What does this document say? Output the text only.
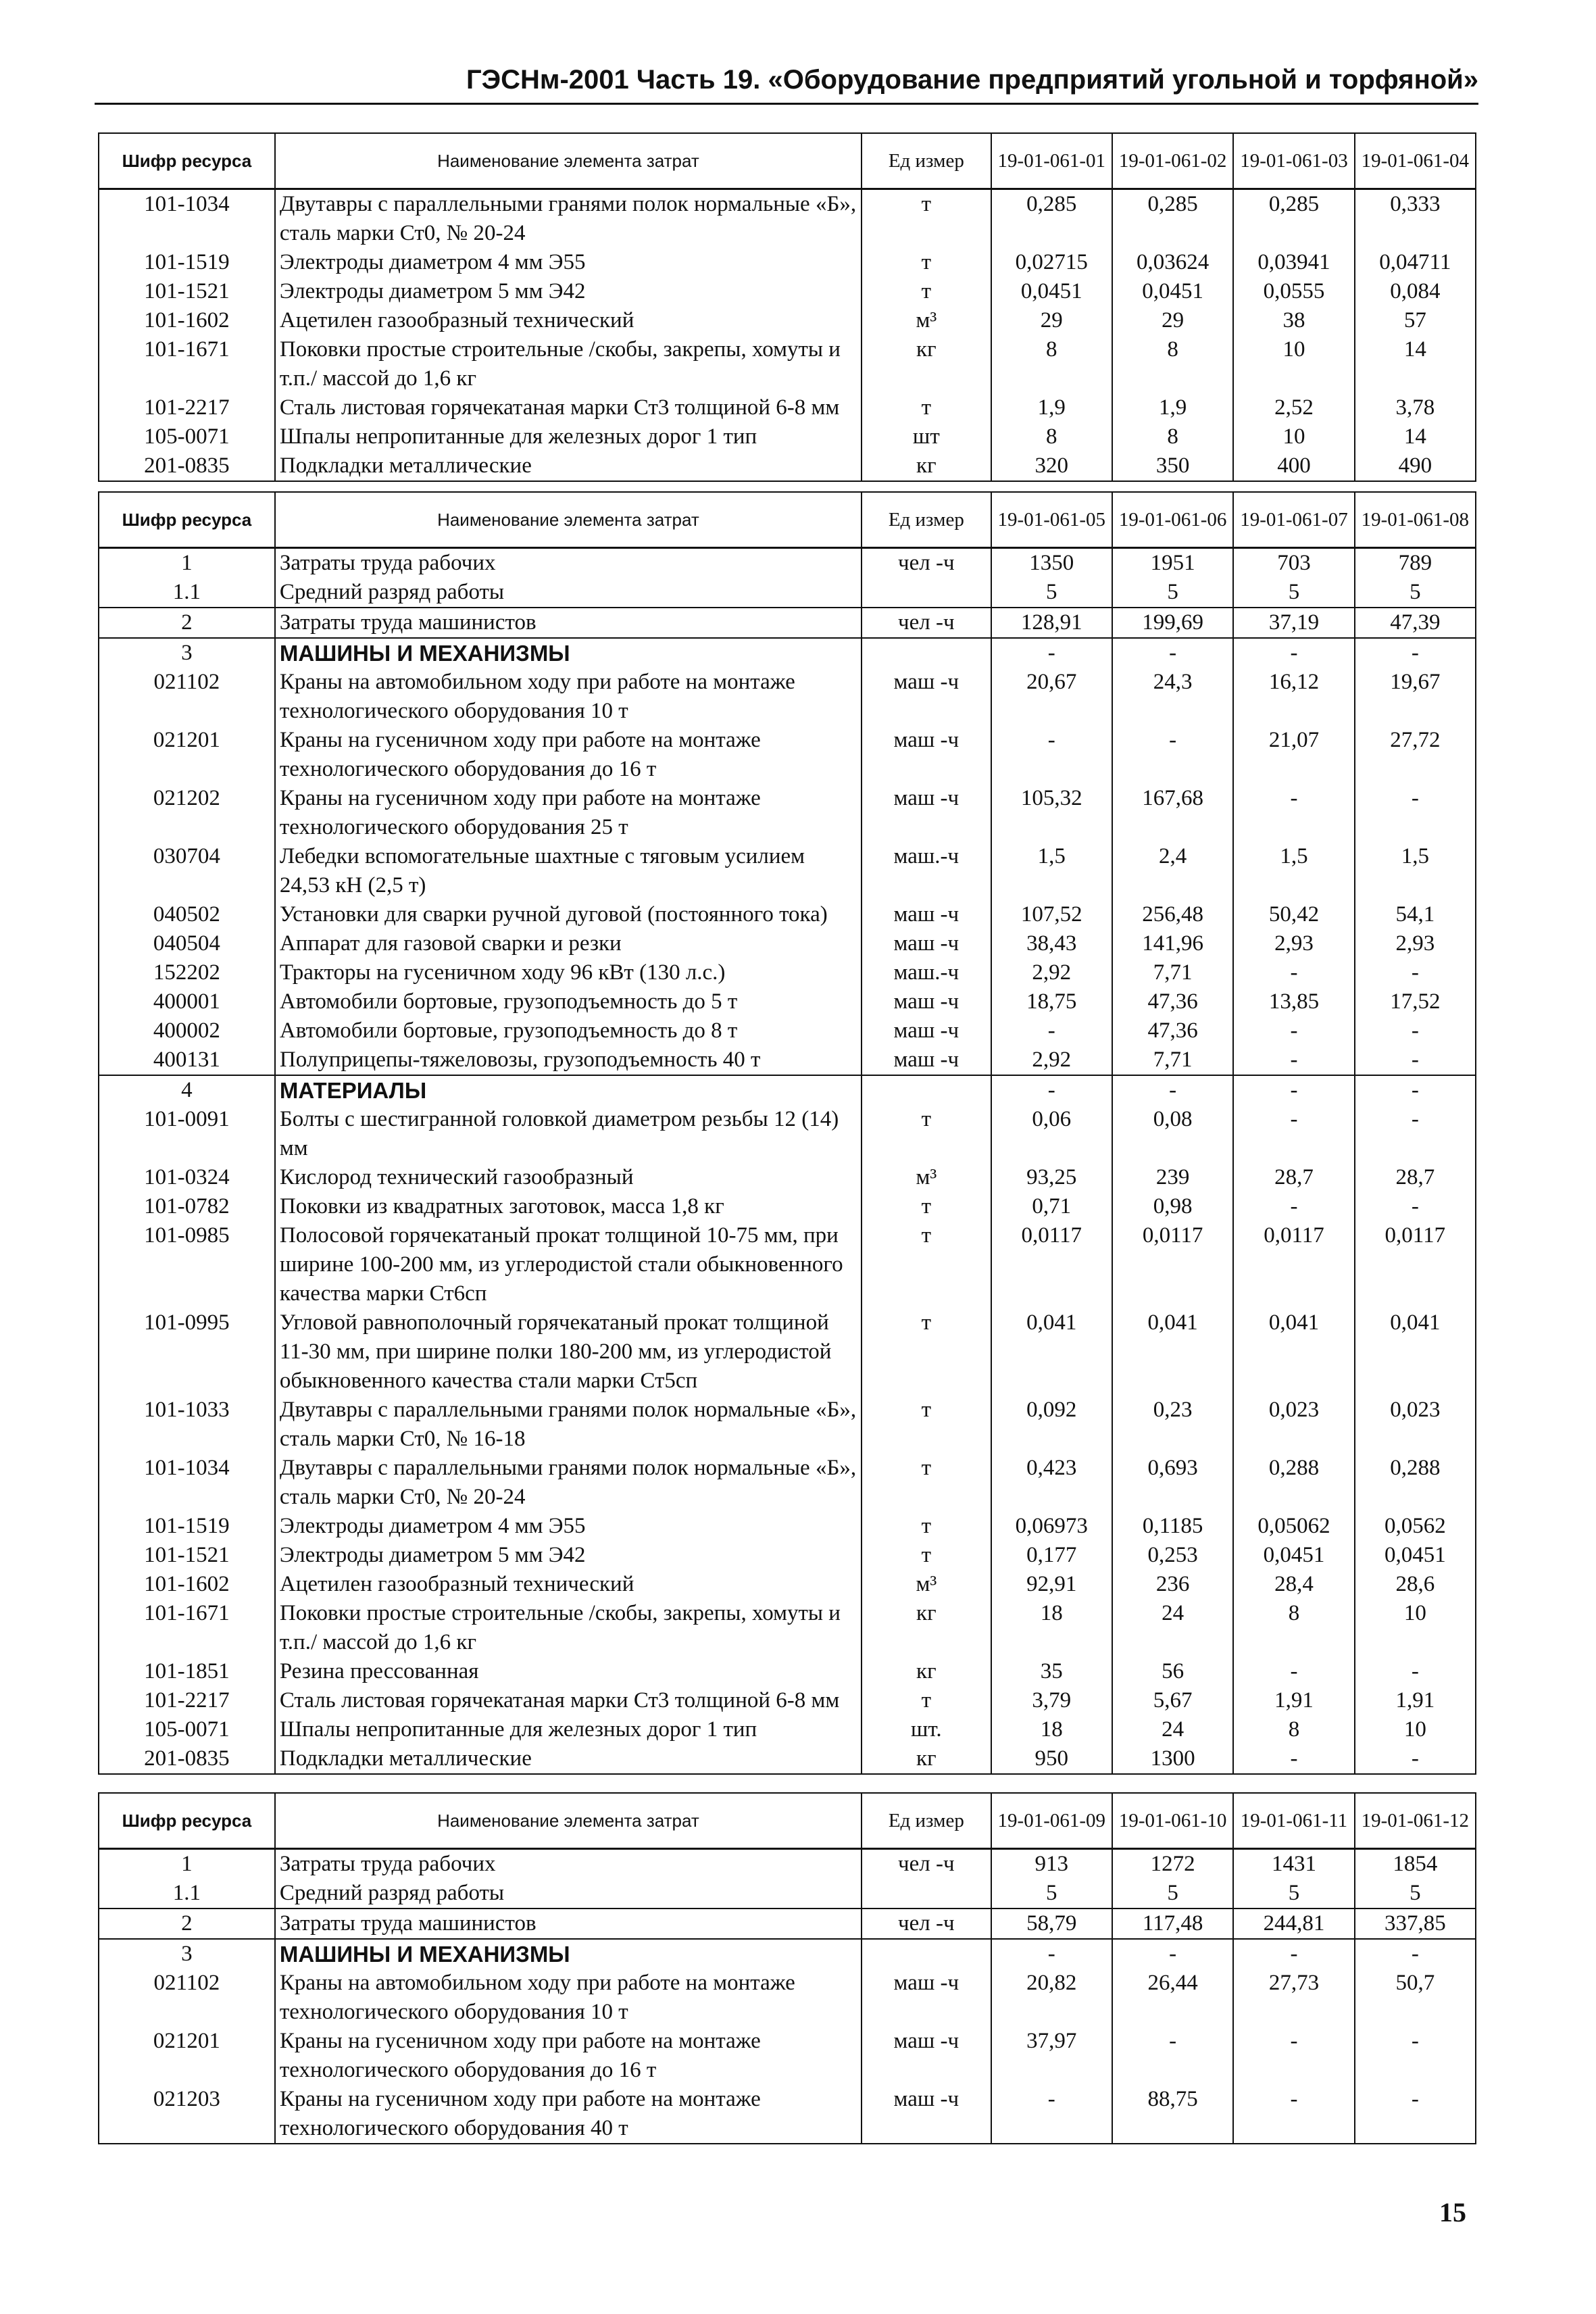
ГЭСНм-2001 Часть 19. «Оборудование предприятий угольной и торфяной»
Шифр ресурса	Наименование элемента затрат	Ед измер	19-01-061-01	19-01-061-02	19-01-061-03	19-01-061-04
101-1034	Двутавры с параллельными гранями полок нормальные «Б», сталь марки Ст0, № 20-24	т	0,285	0,285	0,285	0,333
101-1519	Электроды диаметром 4 мм Э55	т	0,02715	0,03624	0,03941	0,04711
101-1521	Электроды диаметром 5 мм Э42	т	0,0451	0,0451	0,0555	0,084
101-1602	Ацетилен газообразный технический	м³	29	29	38	57
101-1671	Поковки простые строительные /скобы, закрепы, хомуты и т.п./ массой до 1,6 кг	кг	8	8	10	14
101-2217	Сталь листовая горячекатаная марки Ст3 толщиной 6-8 мм	т	1,9	1,9	2,52	3,78
105-0071	Шпалы непропитанные для железных дорог 1 тип	шт	8	8	10	14
201-0835	Подкладки металлические	кг	320	350	400	490
Шифр ресурса	Наименование элемента затрат	Ед измер	19-01-061-05	19-01-061-06	19-01-061-07	19-01-061-08
1	Затраты труда рабочих	чел -ч	1350	1951	703	789
1.1	Средний разряд работы		5	5	5	5
2	Затраты труда машинистов	чел -ч	128,91	199,69	37,19	47,39
3	МАШИНЫ И МЕХАНИЗМЫ		-	-	-	-
021102	Краны на автомобильном ходу при работе на монтаже технологического оборудования 10 т	маш -ч	20,67	24,3	16,12	19,67
021201	Краны на гусеничном ходу при работе на монтаже технологического оборудования до 16 т	маш -ч	-	-	21,07	27,72
021202	Краны на гусеничном ходу при работе на монтаже технологического оборудования 25 т	маш -ч	105,32	167,68	-	-
030704	Лебедки вспомогательные шахтные с тяговым усилием 24,53 кН (2,5 т)	маш.-ч	1,5	2,4	1,5	1,5
040502	Установки для сварки ручной дуговой (постоянного тока)	маш -ч	107,52	256,48	50,42	54,1
040504	Аппарат для газовой сварки и резки	маш -ч	38,43	141,96	2,93	2,93
152202	Тракторы на гусеничном ходу 96 кВт (130 л.с.)	маш.-ч	2,92	7,71	-	-
400001	Автомобили бортовые, грузоподъемность до 5 т	маш -ч	18,75	47,36	13,85	17,52
400002	Автомобили бортовые, грузоподъемность до 8 т	маш -ч	-	47,36	-	-
400131	Полуприцепы-тяжеловозы, грузоподъемность 40 т	маш -ч	2,92	7,71	-	-
4	МАТЕРИАЛЫ		-	-	-	-
101-0091	Болты с шестигранной головкой диаметром резьбы 12 (14) мм	т	0,06	0,08	-	-
101-0324	Кислород технический газообразный	м³	93,25	239	28,7	28,7
101-0782	Поковки из квадратных заготовок, масса 1,8 кг	т	0,71	0,98	-	-
101-0985	Полосовой горячекатаный прокат толщиной 10-75 мм, при ширине 100-200 мм, из углеродистой стали обыкновенного качества марки Ст6сп	т	0,0117	0,0117	0,0117	0,0117
101-0995	Угловой равнополочный горячекатаный прокат толщиной 11-30 мм, при ширине полки 180-200 мм, из углеродистой обыкновенного качества стали марки Ст5сп	т	0,041	0,041	0,041	0,041
101-1033	Двутавры с параллельными гранями полок нормальные «Б», сталь марки Ст0, № 16-18	т	0,092	0,23	0,023	0,023
101-1034	Двутавры с параллельными гранями полок нормальные «Б», сталь марки Ст0, № 20-24	т	0,423	0,693	0,288	0,288
101-1519	Электроды диаметром 4 мм Э55	т	0,06973	0,1185	0,05062	0,0562
101-1521	Электроды диаметром 5 мм Э42	т	0,177	0,253	0,0451	0,0451
101-1602	Ацетилен газообразный технический	м³	92,91	236	28,4	28,6
101-1671	Поковки простые строительные /скобы, закрепы, хомуты и т.п./ массой до 1,6 кг	кг	18	24	8	10
101-1851	Резина прессованная	кг	35	56	-	-
101-2217	Сталь листовая горячекатаная марки Ст3 толщиной 6-8 мм	т	3,79	5,67	1,91	1,91
105-0071	Шпалы непропитанные для железных дорог 1 тип	шт.	18	24	8	10
201-0835	Подкладки металлические	кг	950	1300	-	-
Шифр ресурса	Наименование элемента затрат	Ед измер	19-01-061-09	19-01-061-10	19-01-061-11	19-01-061-12
1	Затраты труда рабочих	чел -ч	913	1272	1431	1854
1.1	Средний разряд работы		5	5	5	5
2	Затраты труда машинистов	чел -ч	58,79	117,48	244,81	337,85
3	МАШИНЫ И МЕХАНИЗМЫ		-	-	-	-
021102	Краны на автомобильном ходу при работе на монтаже технологического оборудования 10 т	маш -ч	20,82	26,44	27,73	50,7
021201	Краны на гусеничном ходу при работе на монтаже технологического оборудования до 16 т	маш -ч	37,97	-	-	-
021203	Краны на гусеничном ходу при работе на монтаже технологического оборудования 40 т	маш -ч	-	88,75	-	-
15
